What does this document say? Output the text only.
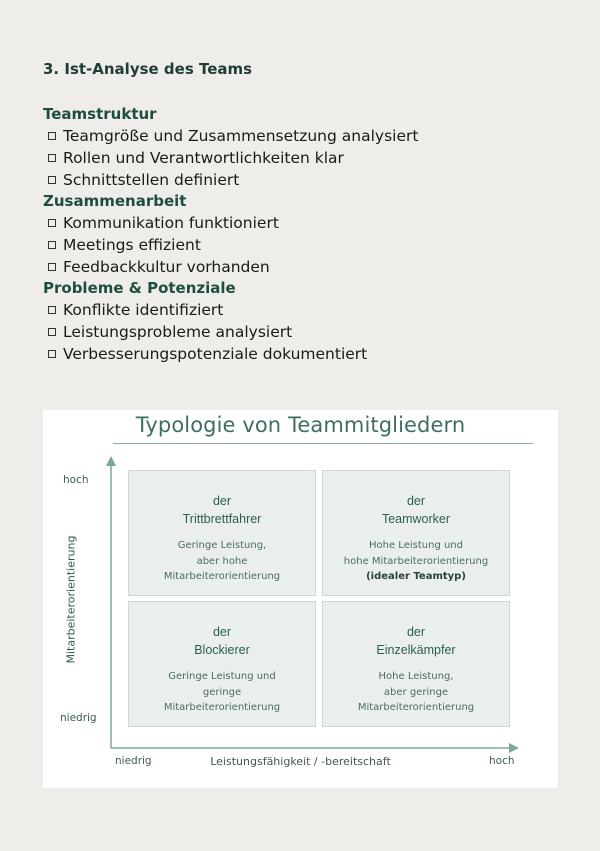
3. Ist-Analyse des Teams
Teamstruktur
Teamgröße und Zusammensetzung analysiert
Rollen und Verantwortlichkeiten klar
Schnittstellen definiert
Zusammenarbeit
Kommunikation funktioniert
Meetings effizient
Feedbackkultur vorhanden
Probleme & Potenziale
Konflikte identifiziert
Leistungsprobleme analysiert
Verbesserungspotenziale dokumentiert
Typologie von Teammitgliedern
hoch
niedrig
Mitarbeiterorientierung
niedrig	Leistungsfähigkeit / -bereitschaft	hoch
der
Trittbrettfahrer
Geringe Leistung,
aber hohe
Mitarbeiterorientierung
der
Teamworker
Hohe Leistung und
hohe Mitarbeiterorientierung
(idealer Teamtyp)
der
Blockierer
Geringe Leistung und
geringe
Mitarbeiterorientierung
der
Einzelkämpfer
Hohe Leistung,
aber geringe
Mitarbeiterorientierung
